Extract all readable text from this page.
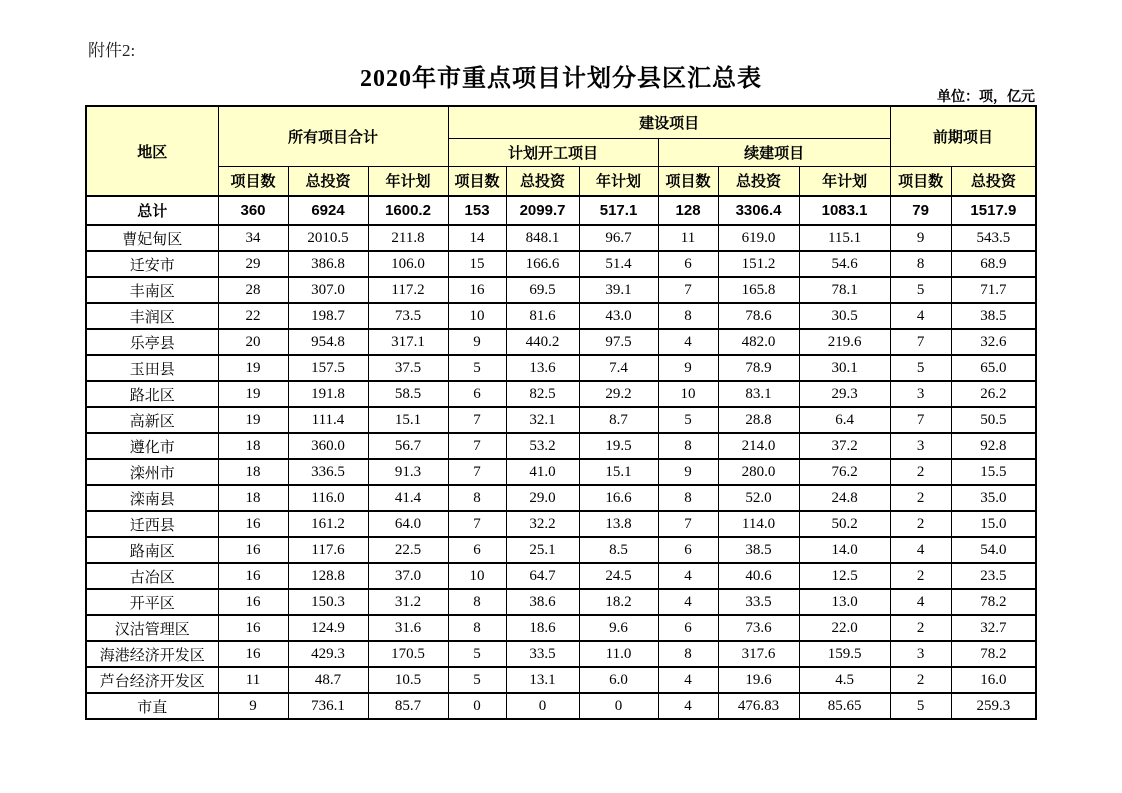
附件2:
2020年市重点项目计划分县区汇总表
单位：项，亿元
地区	所有项目合计			建设项目						前期项目	
				计划开工项目			续建项目				
	项目数	总投资	年计划	项目数	总投资	年计划	项目数	总投资	年计划	项目数	总投资
总计	360	6924	1600.2	153	2099.7	517.1	128	3306.4	1083.1	79	1517.9
曹妃甸区	34	2010.5	211.8	14	848.1	96.7	11	619.0	115.1	9	543.5
迁安市	29	386.8	106.0	15	166.6	51.4	6	151.2	54.6	8	68.9
丰南区	28	307.0	117.2	16	69.5	39.1	7	165.8	78.1	5	71.7
丰润区	22	198.7	73.5	10	81.6	43.0	8	78.6	30.5	4	38.5
乐亭县	20	954.8	317.1	9	440.2	97.5	4	482.0	219.6	7	32.6
玉田县	19	157.5	37.5	5	13.6	7.4	9	78.9	30.1	5	65.0
路北区	19	191.8	58.5	6	82.5	29.2	10	83.1	29.3	3	26.2
高新区	19	111.4	15.1	7	32.1	8.7	5	28.8	6.4	7	50.5
遵化市	18	360.0	56.7	7	53.2	19.5	8	214.0	37.2	3	92.8
滦州市	18	336.5	91.3	7	41.0	15.1	9	280.0	76.2	2	15.5
滦南县	18	116.0	41.4	8	29.0	16.6	8	52.0	24.8	2	35.0
迁西县	16	161.2	64.0	7	32.2	13.8	7	114.0	50.2	2	15.0
路南区	16	117.6	22.5	6	25.1	8.5	6	38.5	14.0	4	54.0
古冶区	16	128.8	37.0	10	64.7	24.5	4	40.6	12.5	2	23.5
开平区	16	150.3	31.2	8	38.6	18.2	4	33.5	13.0	4	78.2
汉沽管理区	16	124.9	31.6	8	18.6	9.6	6	73.6	22.0	2	32.7
海港经济开发区	16	429.3	170.5	5	33.5	11.0	8	317.6	159.5	3	78.2
芦台经济开发区	11	48.7	10.5	5	13.1	6.0	4	19.6	4.5	2	16.0
市直	9	736.1	85.7	0	0	0	4	476.83	85.65	5	259.3
